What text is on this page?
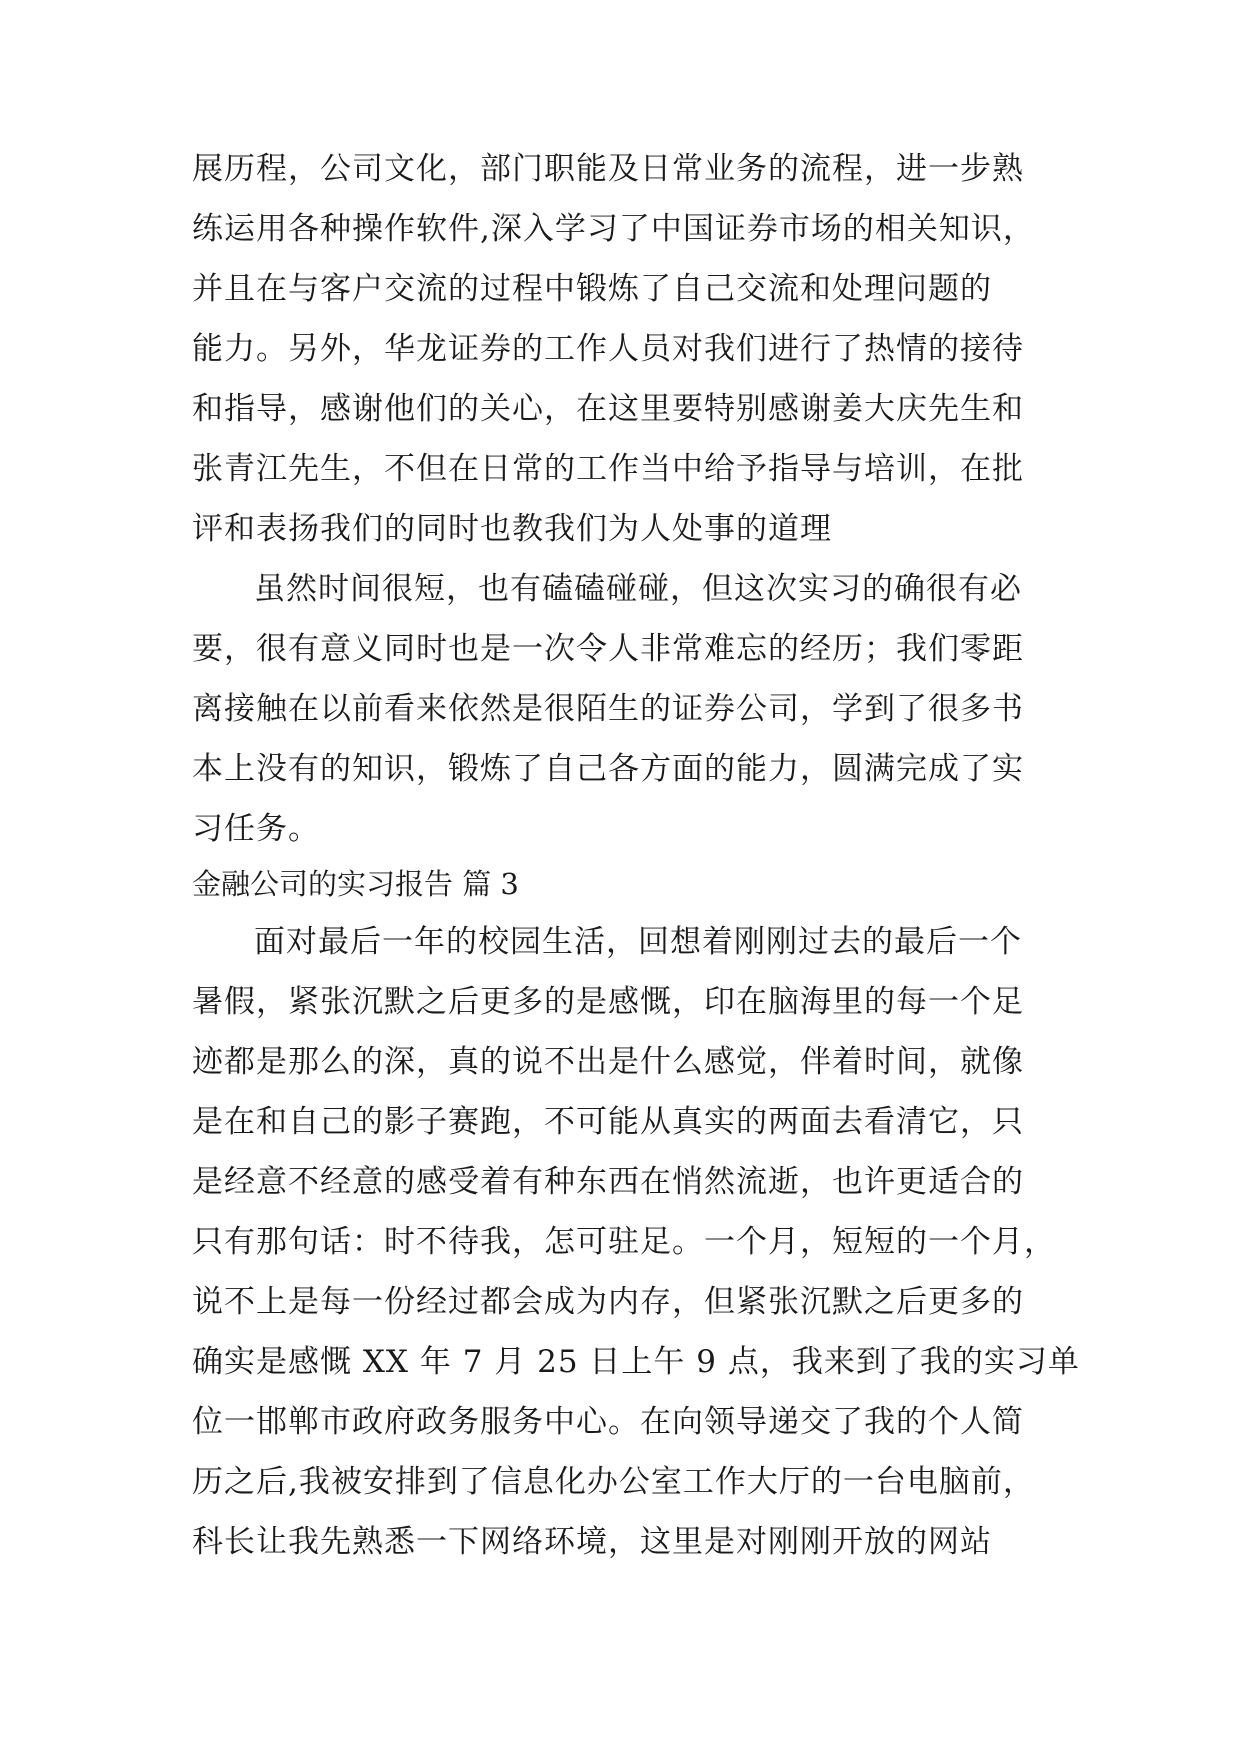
展历程，公司文化，部门职能及日常业务的流程，进一步熟
练运用各种操作软件,深入学习了中国证券市场的相关知识，
并且在与客户交流的过程中锻炼了自己交流和处理问题的
能力。另外，华龙证券的工作人员对我们进行了热情的接待
和指导，感谢他们的关心，在这里要特别感谢姜大庆先生和
张青江先生，不但在日常的工作当中给予指导与培训，在批
评和表扬我们的同时也教我们为人处事的道理
虽然时间很短，也有磕磕碰碰，但这次实习的确很有必
要，很有意义同时也是一次令人非常难忘的经历；我们零距
离接触在以前看来依然是很陌生的证券公司，学到了很多书
本上没有的知识，锻炼了自己各方面的能力，圆满完成了实
习任务。
金融公司的实习报告 篇 3
面对最后一年的校园生活，回想着刚刚过去的最后一个
暑假，紧张沉默之后更多的是感慨，印在脑海里的每一个足
迹都是那么的深，真的说不出是什么感觉，伴着时间，就像
是在和自己的影子赛跑，不可能从真实的两面去看清它，只
是经意不经意的感受着有种东西在悄然流逝，也许更适合的
只有那句话：时不待我，怎可驻足。一个月，短短的一个月，
说不上是每一份经过都会成为内存，但紧张沉默之后更多的
确实是感慨 XX 年 7 月 25 日上午 9 点，我来到了我的实习单
位一邯郸市政府政务服务中心。在向领导递交了我的个人简
历之后,我被安排到了信息化办公室工作大厅的一台电脑前，
科长让我先熟悉一下网络环境，这里是对刚刚开放的网站
